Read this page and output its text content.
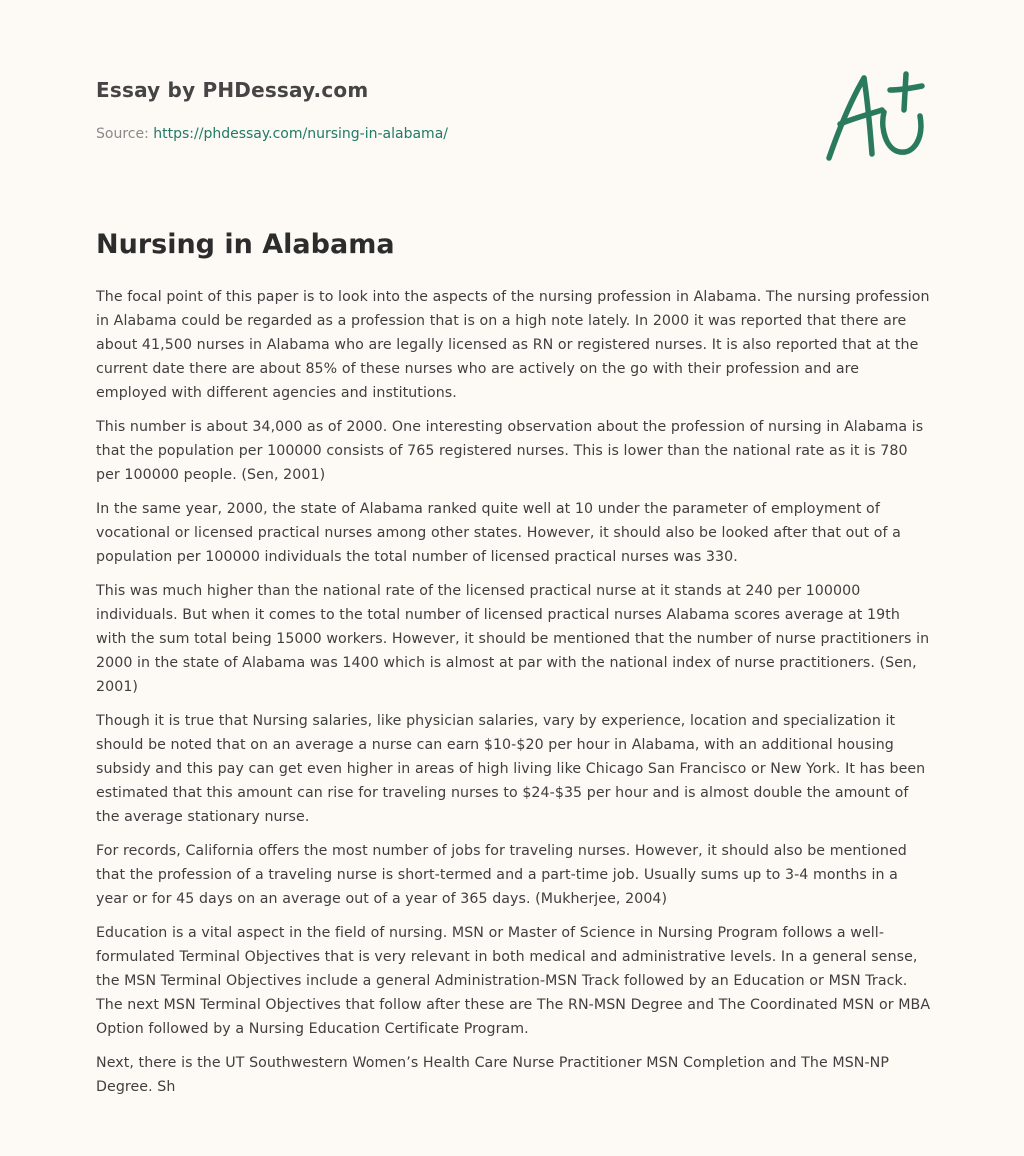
Essay by PHDessay.com
Source: https://phdessay.com/nursing-in-alabama/
Nursing in Alabama

The focal point of this paper is to look into the aspects of the nursing profession in Alabama. The nursing profession in Alabama could be regarded as a profession that is on a high note lately. In 2000 it was reported that there are about 41,500 nurses in Alabama who are legally licensed as RN or registered nurses. It is also reported that at the current date there are about 85% of these nurses who are actively on the go with their profession and are employed with different agencies and institutions.

This number is about 34,000 as of 2000. One interesting observation about the profession of nursing in Alabama is that the population per 100000 consists of 765 registered nurses. This is lower than the national rate as it is 780 per 100000 people. (Sen, 2001)

In the same year, 2000, the state of Alabama ranked quite well at 10 under the parameter of employment of vocational or licensed practical nurses among other states. However, it should also be looked after that out of a population per 100000 individuals the total number of licensed practical nurses was 330.

This was much higher than the national rate of the licensed practical nurse at it stands at 240 per 100000 individuals. But when it comes to the total number of licensed practical nurses Alabama scores average at 19th with the sum total being 15000 workers. However, it should be mentioned that the number of nurse practitioners in 2000 in the state of Alabama was 1400 which is almost at par with the national index of nurse practitioners. (Sen, 2001)

Though it is true that Nursing salaries, like physician salaries, vary by experience, location and specialization it should be noted that on an average a nurse can earn $10-$20 per hour in Alabama, with an additional housing subsidy and this pay can get even higher in areas of high living like Chicago San Francisco or New York. It has been estimated that this amount can rise for traveling nurses to $24-$35 per hour and is almost double the amount of the average stationary nurse.

For records, California offers the most number of jobs for traveling nurses. However, it should also be mentioned that the profession of a traveling nurse is short-termed and a part-time job. Usually sums up to 3-4 months in a year or for 45 days on an average out of a year of 365 days. (Mukherjee, 2004)

Education is a vital aspect in the field of nursing. MSN or Master of Science in Nursing Program follows a well-formulated Terminal Objectives that is very relevant in both medical and administrative levels. In a general sense, the MSN Terminal Objectives include a general Administration-MSN Track followed by an Education or MSN Track. The next MSN Terminal Objectives that follow after these are The RN-MSN Degree and The Coordinated MSN or MBA Option followed by a Nursing Education Certificate Program.

Next, there is the UT Southwestern Women’s Health Care Nurse Practitioner MSN Completion and The MSN-NP Degree. Sh
